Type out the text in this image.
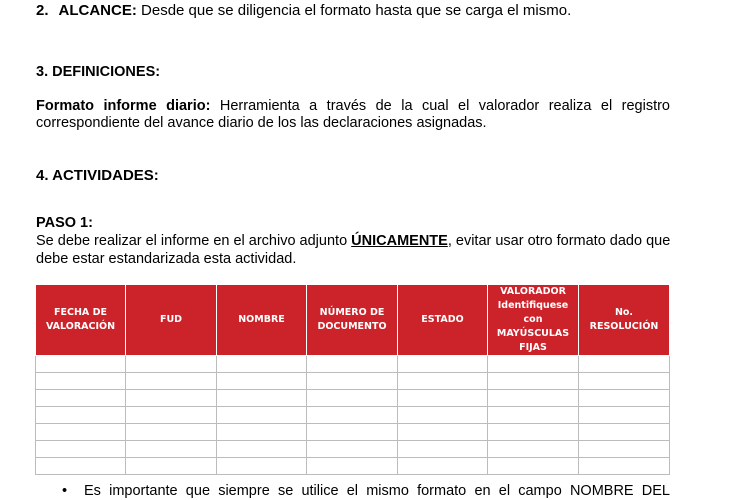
2. ALCANCE: Desde que se diligencia el formato hasta que se carga el mismo.
3. DEFINICIONES:
Formato informe diario: Herramienta a través de la cual el valorador realiza el registro correspondiente del avance diario de los las declaraciones asignadas.
4. ACTIVIDADES:
PASO 1:
Se debe realizar el informe en el archivo adjunto ÚNICAMENTE, evitar usar otro formato dado que debe estar estandarizada esta actividad.
FECHA DE VALORACIÓN	FUD	NOMBRE	NÚMERO DE DOCUMENTO	ESTADO	VALORADOR Identifiquese con MAYÚSCULAS FIJAS	No. RESOLUCIÓN

• Es importante que siempre se utilice el mismo formato en el campo NOMBRE DEL
